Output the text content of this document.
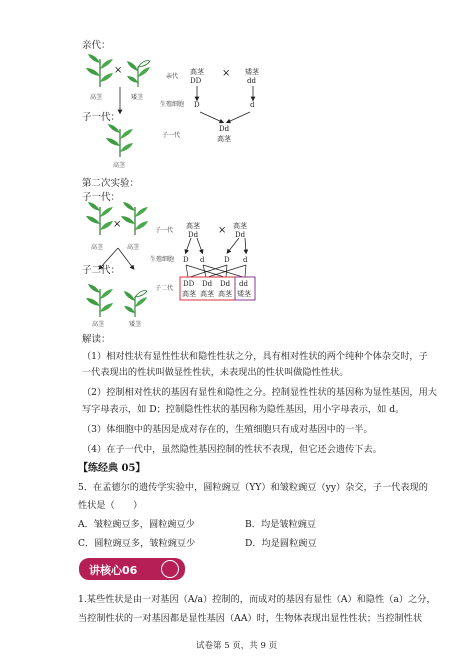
亲代：
高茎	矮茎
×
子一代：
高茎
亲代
高茎
DD
× 矮茎
dd
生殖细胞 D	d
子一代
Dd
高茎
第二次实验：
子一代：
高茎	高茎
×
子二代：
高茎	矮茎
子一代
高茎
Dd × 高茎
Dd
生殖细胞 D d	D d
子二代
DD Dd Dd dd
高茎 高茎 高茎 矮茎
解读：
（1）相对性状有显性性状和隐性性状之分，具有相对性状的两个纯种个体杂交时，子
一代表现出的性状叫做显性性状，未表现出的性状叫做隐性性状。
（2）控制相对性状的基因有显性和隐性之分。控制显性性状的基因称为显性基因，用大
写字母表示，如 D；控制隐性性状的基因称为隐性基因，用小字母表示，如 d。
（3）体细胞中的基因是成对存在的，生殖细胞只有成对基因中的一半。
（4）在子一代中，虽然隐性基因控制的性状不表现，但它还会遗传下去。
【练经典 05】
5．在孟德尔的遗传学实验中，圆粒豌豆（YY）和皱粒豌豆（yy）杂交，子一代表现的
性状是（　　）
A．皱粒豌豆多，圆粒豌豆少	B．均是皱粒豌豆
C．圆粒豌豆多，皱粒豌豆少	D．均是圆粒豌豆
讲核心06
1.某些性状是由一对基因（A/a）控制的，而成对的基因有显性（A）和隐性（a）之分，
当控制性状的一对基因都是显性基因（AA）时，生物体表现出显性性状；当控制性状
试卷第 5 页，共 9 页
